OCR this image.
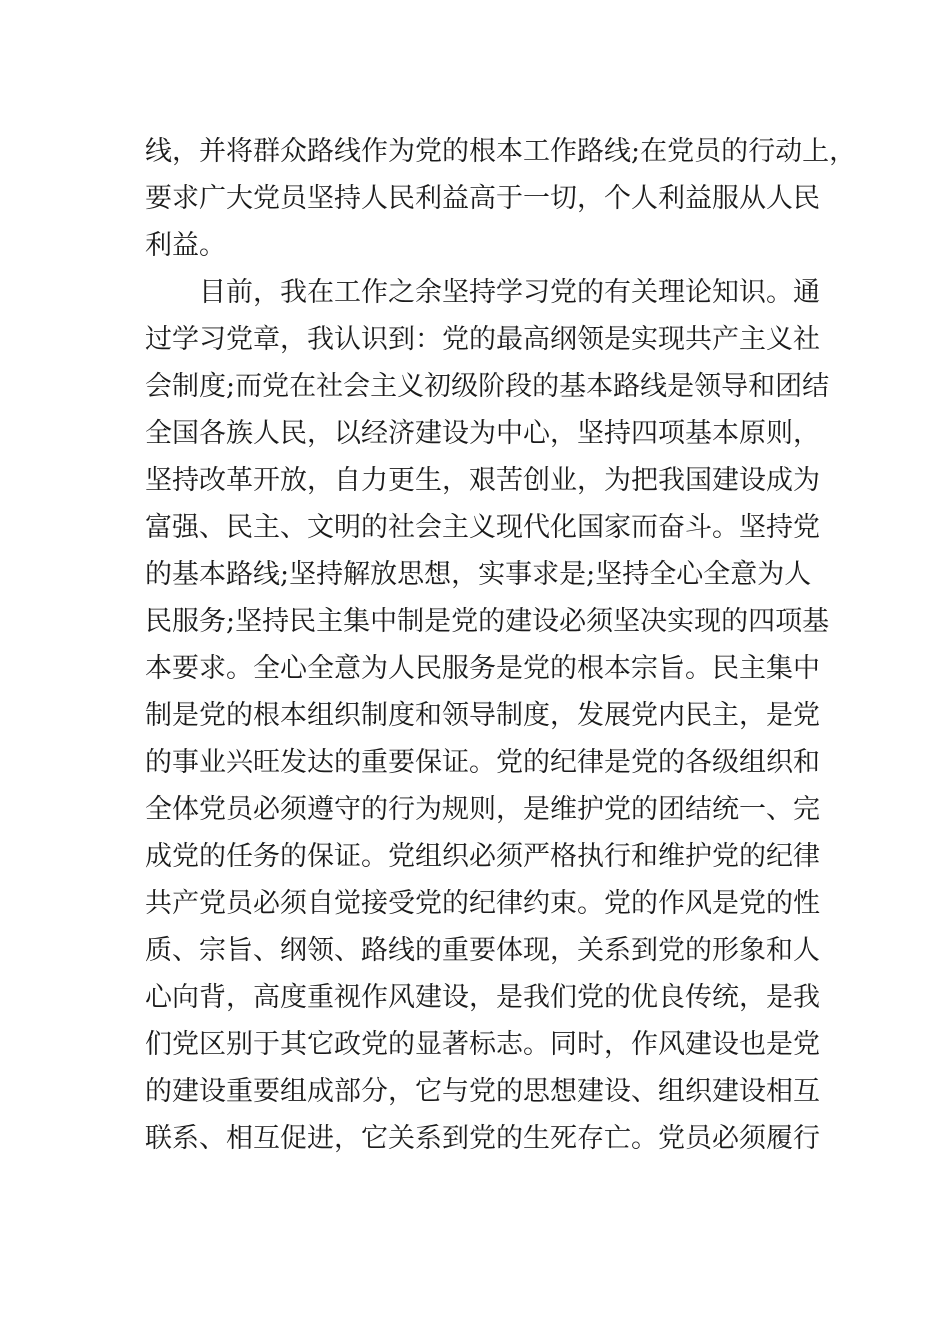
线，并将群众路线作为党的根本工作路线;在党员的行动上，
要求广大党员坚持人民利益高于一切，个人利益服从人民
利益。
目前，我在工作之余坚持学习党的有关理论知识。通
过学习党章，我认识到：党的最高纲领是实现共产主义社
会制度;而党在社会主义初级阶段的基本路线是领导和团结
全国各族人民，以经济建设为中心，坚持四项基本原则，
坚持改革开放，自力更生，艰苦创业，为把我国建设成为
富强、民主、文明的社会主义现代化国家而奋斗。坚持党
的基本路线;坚持解放思想，实事求是;坚持全心全意为人
民服务;坚持民主集中制是党的建设必须坚决实现的四项基
本要求。全心全意为人民服务是党的根本宗旨。民主集中
制是党的根本组织制度和领导制度，发展党内民主，是党
的事业兴旺发达的重要保证。党的纪律是党的各级组织和
全体党员必须遵守的行为规则，是维护党的团结统一、完
成党的任务的保证。党组织必须严格执行和维护党的纪律
共产党员必须自觉接受党的纪律约束。党的作风是党的性
质、宗旨、纲领、路线的重要体现，关系到党的形象和人
心向背，高度重视作风建设，是我们党的优良传统，是我
们党区别于其它政党的显著标志。同时，作风建设也是党
的建设重要组成部分，它与党的思想建设、组织建设相互
联系、相互促进，它关系到党的生死存亡。党员必须履行
